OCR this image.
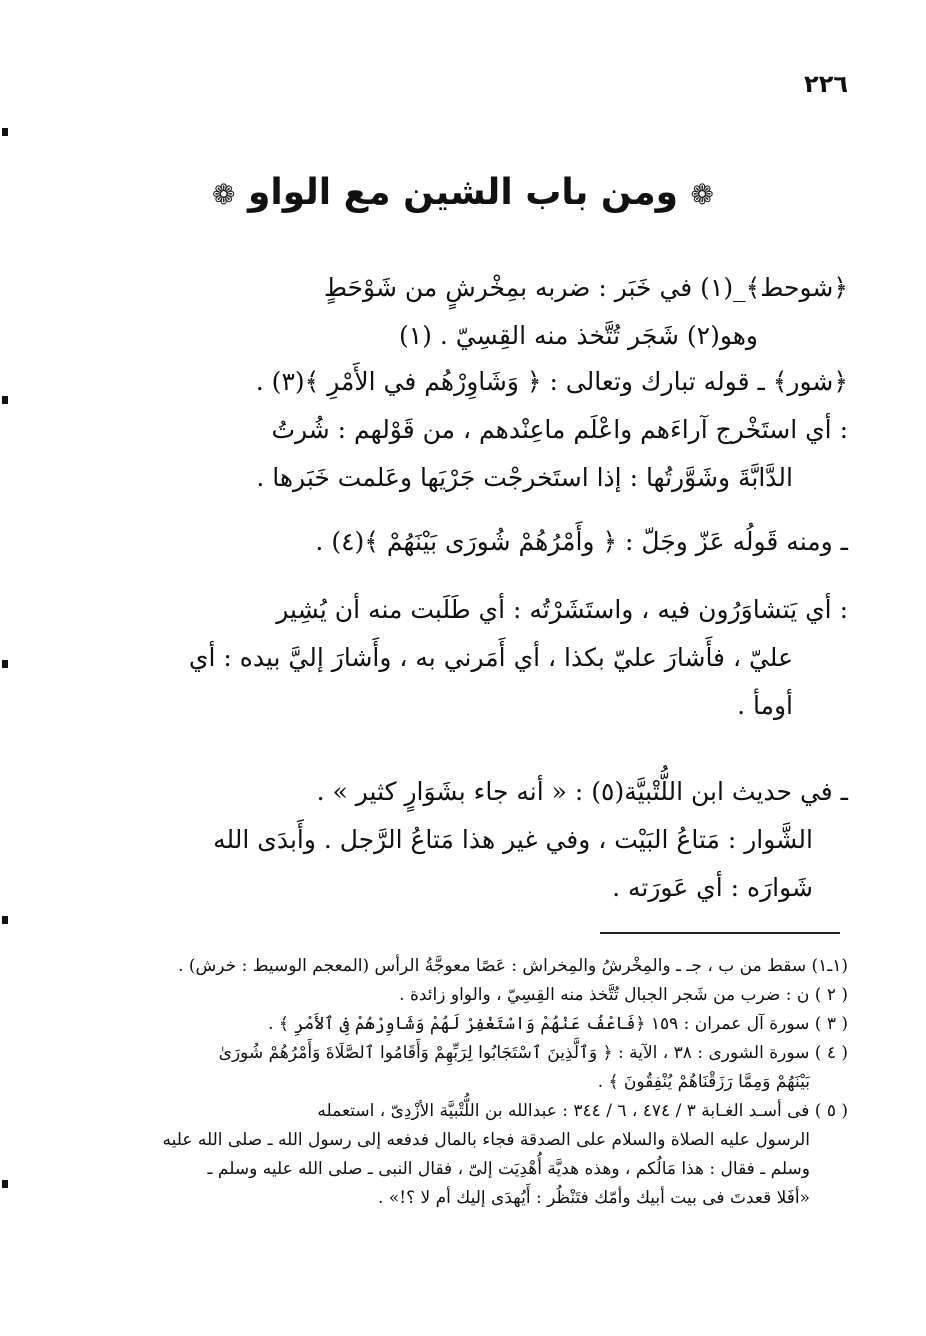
٢٢٦
❁ ومن باب الشين مع الواو ❁
﴿شوحط﴾_(١) في خَبَر : ضربه بمِخْرشٍ من شَوْحَطٍ
وهو(٢) شَجَر تُتَّخذ منه القِسِيّ . (١)
﴿شور﴾ ـ قوله تبارك وتعالى : ﴿ وَشَاوِرْهُم في الأَمْرِ ﴾(٣) .
: أي استَخْرج آراءَهم واعْلَم ماعِنْدهم ، من قَوْلهم : شُرتُ
الدَّابَّةَ وشَوَّرتُها : إذا استَخرجْت جَرْيَها وعَلمت خَبَرها .
ـ ومنه قَولُه عَزّ وجَلّ : ﴿ وأَمْرُهُمْ شُورَى بَيْنَهُمْ ﴾(٤) .
: أي يَتشاوَرُون فيه ، واستَشَرْتُه : أي طَلَبت منه أن يُشِير
عليّ ، فأَشارَ عليّ بكذا ، أي أَمَرني به ، وأَشارَ إليَّ بيده : أي
أومأ .
ـ في حديث ابن اللُّتْبيَّة(٥) : « أنه جاء بشَوَارٍ كثير » .
الشَّوار : مَتاعُ البَيْت ، وفي غير هذا مَتاعُ الرَّجل . وأَبدَى الله
شَوارَه : أي عَورَته .
(١ـ١) سقط من ب ، جـ ـ والمِخْرشُ والمِخراش : عَصًا معوجَّةُ الرأس (المعجم الوسيط : خرش) .
( ٢ ) ن : ضرب من شَجر الجبال تُتَّخذ منه القِسِيّ ، والواو زائدة .
( ٣ ) سورة آل عمران : ١٥٩ ﴿فَاعْفُ عَنْهُمْ وَاسْتَغْفِرْ لَهُمْ وَشَاوِرْهُمْ فِى ٱلأَمْرِ ﴾ .
( ٤ ) سورة الشورى : ٣٨ ، الآية : ﴿ وَٱلَّذِينَ ٱسْتَجَابُوا لِرَبِّهِمْ وَأَقَامُوا ٱلصَّلَاةَ وَأَمْرُهُمْ شُورَىٰ
بَيْنَهُمْ وَمِمَّا رَزَقْنَاهُمْ يُنْفِقُونَ ﴾ .
( ٥ ) فى أسـد الغـابة ٣ / ٤٧٤ ، ٦ / ٣٤٤ : عبدالله بن اللُّتْبيَّة الأزْدِىّ ، استعمله
الرسول عليه الصلاة والسلام على الصدقة فجاء بالمال فدفعه إلى رسول الله ـ صلى الله عليه
وسلم ـ فقال : هذا مَالُكم ، وهذه هديَّة أُهْدِيَت إلىّ ، فقال النبى ـ صلى الله عليه وسلم ـ
«أفَلا قعدتَ فى بيت أبيك وأمّك فتَنْظُر : أَيُهدَى إليك أم لا ؟!» .
